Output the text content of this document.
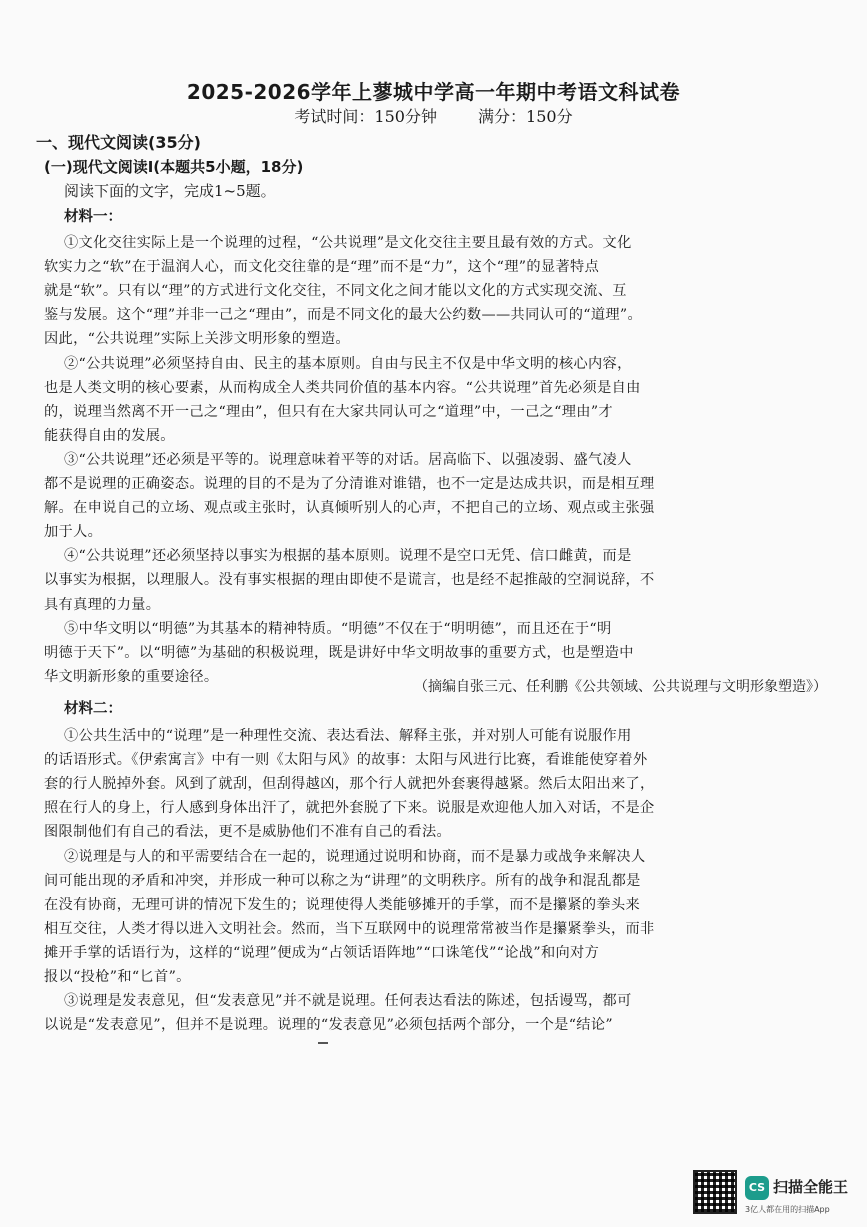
2025-2026学年上蓼城中学高一年期中考语文科试卷
考试时间：150分钟	满分：150分
一、现代文阅读(35分)
(一)现代文阅读Ⅰ(本题共5小题，18分)
阅读下面的文字，完成1~5题。
材料一：
①文化交往实际上是一个说理的过程，“公共说理”是文化交往主要且最有效的方式。文化
软实力之“软”在于温润人心，而文化交往靠的是“理”而不是“力”，这个“理”的显著特点
就是“软”。只有以“理”的方式进行文化交往，不同文化之间才能以文化的方式实现交流、互
鉴与发展。这个“理”并非一己之“理由”，而是不同文化的最大公约数——共同认可的“道理”。
因此，“公共说理”实际上关涉文明形象的塑造。
②“公共说理”必须坚持自由、民主的基本原则。自由与民主不仅是中华文明的核心内容，
也是人类文明的核心要素，从而构成全人类共同价值的基本内容。“公共说理”首先必须是自由
的，说理当然离不开一己之“理由”，但只有在大家共同认可之“道理”中，一己之“理由”才
能获得自由的发展。
③“公共说理”还必须是平等的。说理意味着平等的对话。居高临下、以强凌弱、盛气凌人
都不是说理的正确姿态。说理的目的不是为了分清谁对谁错，也不一定是达成共识，而是相互理
解。在申说自己的立场、观点或主张时，认真倾听别人的心声，不把自己的立场、观点或主张强
加于人。
④“公共说理”还必须坚持以事实为根据的基本原则。说理不是空口无凭、信口雌黄，而是
以事实为根据，以理服人。没有事实根据的理由即使不是谎言，也是经不起推敲的空洞说辞，不
具有真理的力量。
⑤中华文明以“明德”为其基本的精神特质。“明德”不仅在于“明明德”，而且还在于“明
明德于天下”。以“明德”为基础的积极说理，既是讲好中华文明故事的重要方式，也是塑造中
华文明新形象的重要途径。
（摘编自张三元、任利鹏《公共领域、公共说理与文明形象塑造》）
材料二：
①公共生活中的“说理”是一种理性交流、表达看法、解释主张，并对别人可能有说服作用
的话语形式。《伊索寓言》中有一则《太阳与风》的故事：太阳与风进行比赛，看谁能使穿着外
套的行人脱掉外套。风到了就刮，但刮得越凶，那个行人就把外套裹得越紧。然后太阳出来了，
照在行人的身上，行人感到身体出汗了，就把外套脱了下来。说服是欢迎他人加入对话，不是企
图限制他们有自己的看法，更不是威胁他们不准有自己的看法。
②说理是与人的和平需要结合在一起的，说理通过说明和协商，而不是暴力或战争来解决人
间可能出现的矛盾和冲突，并形成一种可以称之为“讲理”的文明秩序。所有的战争和混乱都是
在没有协商，无理可讲的情况下发生的；说理使得人类能够摊开的手掌，而不是攥紧的拳头来
相互交往，人类才得以进入文明社会。然而，当下互联网中的说理常常被当作是攥紧拳头，而非
摊开手掌的话语行为，这样的“说理”便成为“占领话语阵地”“口诛笔伐”“论战”和向对方
报以“投枪”和“匕首”。
③说理是发表意见，但“发表意见”并不就是说理。任何表达看法的陈述，包括谩骂，都可
以说是“发表意见”，但并不是说理。说理的“发表意见”必须包括两个部分，一个是“结论”
CS 扫描全能王
3亿人都在用的扫描App
